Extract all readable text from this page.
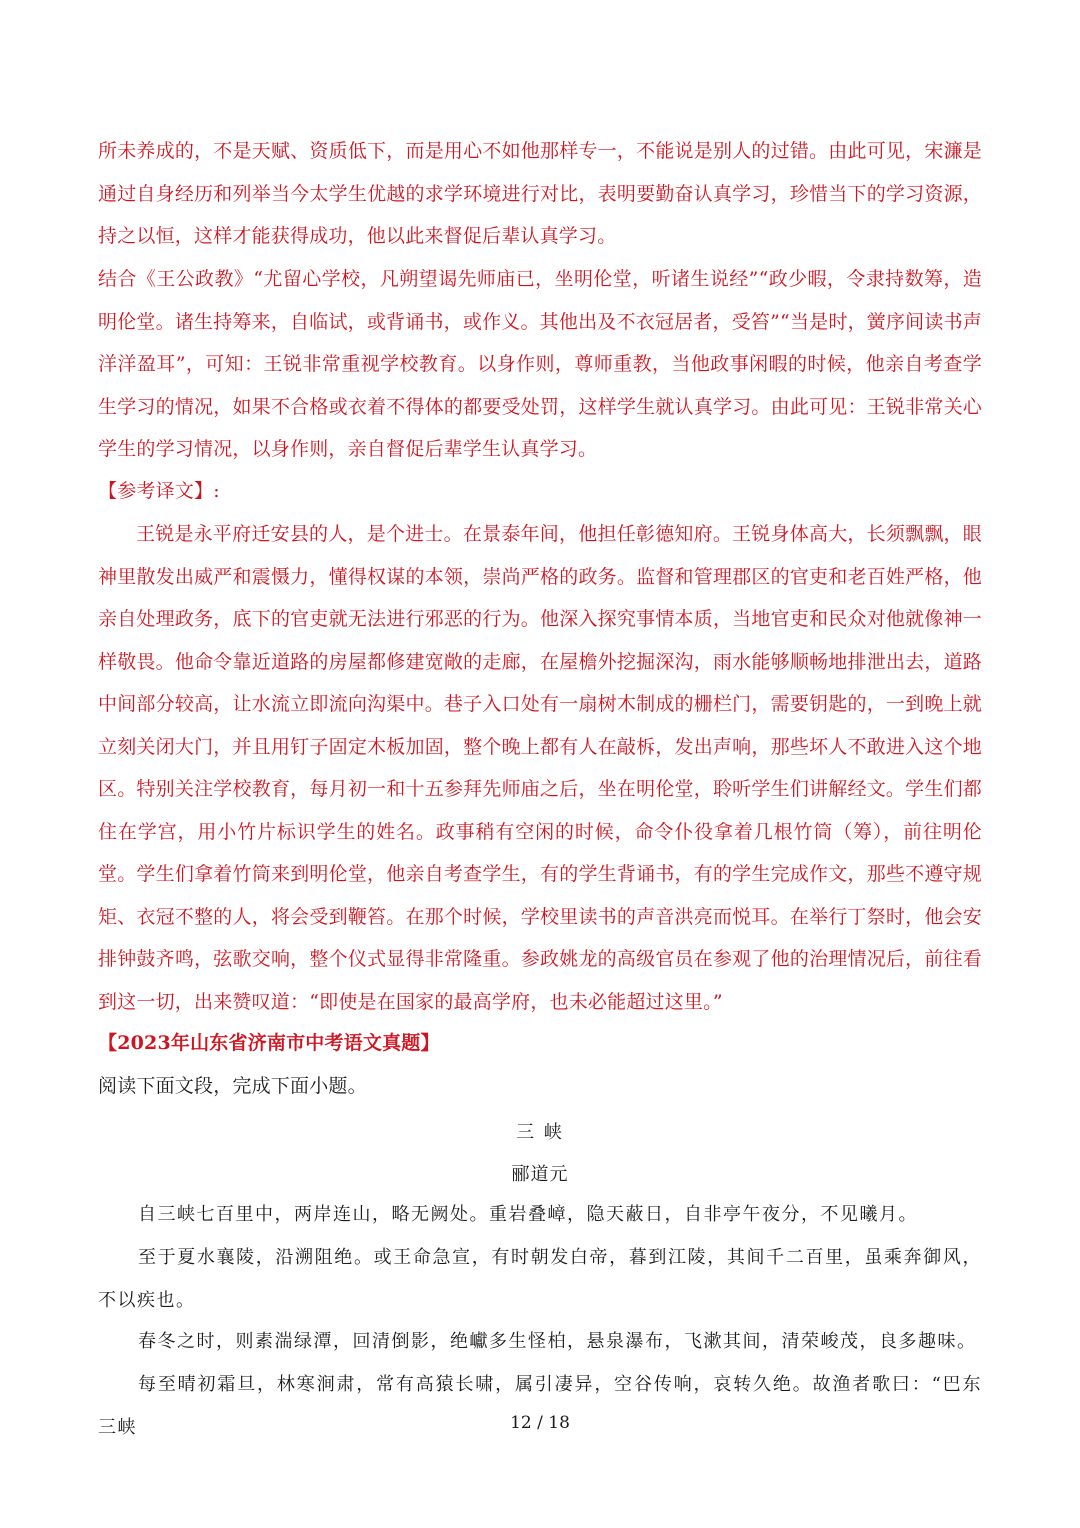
所未养成的，不是天赋、资质低下，而是用心不如他那样专一，不能说是别人的过错。由此可见，宋濂是通过自身经历和列举当今太学生优越的求学环境进行对比，表明要勤奋认真学习，珍惜当下的学习资源，持之以恒，这样才能获得成功，他以此来督促后辈认真学习。

结合《王公政教》“尤留心学校，凡朔望谒先师庙已，坐明伦堂，听诸生说经”“政少暇，令隶持数筹，造明伦堂。诸生持筹来，自临试，或背诵书，或作义。其他出及不衣冠居者，受笞”“当是时，黉序间读书声洋洋盈耳”，可知：王锐非常重视学校教育。以身作则，尊师重教，当他政事闲暇的时候，他亲自考查学生学习的情况，如果不合格或衣着不得体的都要受处罚，这样学生就认真学习。由此可见：王锐非常关心学生的学习情况，以身作则，亲自督促后辈学生认真学习。

【参考译文】:

王锐是永平府迁安县的人，是个进士。在景泰年间，他担任彰德知府。王锐身体高大，长须飘飘，眼神里散发出威严和震慑力，懂得权谋的本领，崇尚严格的政务。监督和管理郡区的官吏和老百姓严格，他亲自处理政务，底下的官吏就无法进行邪恶的行为。他深入探究事情本质，当地官吏和民众对他就像神一样敬畏。他命令靠近道路的房屋都修建宽敞的走廊，在屋檐外挖掘深沟，雨水能够顺畅地排泄出去，道路中间部分较高，让水流立即流向沟渠中。巷子入口处有一扇树木制成的栅栏门，需要钥匙的，一到晚上就立刻关闭大门，并且用钉子固定木板加固，整个晚上都有人在敲柝，发出声响，那些坏人不敢进入这个地区。特别关注学校教育，每月初一和十五参拜先师庙之后，坐在明伦堂，聆听学生们讲解经文。学生们都住在学宫，用小竹片标识学生的姓名。政事稍有空闲的时候，命令仆役拿着几根竹筒（筹），前往明伦堂。学生们拿着竹筒来到明伦堂，他亲自考查学生，有的学生背诵书，有的学生完成作文，那些不遵守规矩、衣冠不整的人，将会受到鞭笞。在那个时候，学校里读书的声音洪亮而悦耳。在举行丁祭时，他会安排钟鼓齐鸣，弦歌交响，整个仪式显得非常隆重。参政姚龙的高级官员在参观了他的治理情况后，前往看到这一切，出来赞叹道：“即使是在国家的最高学府，也未必能超过这里。”

【2023年山东省济南市中考语文真题】

阅读下面文段，完成下面小题。

三 峡

郦道元

自三峡七百里中，两岸连山，略无阙处。重岩叠嶂，隐天蔽日，自非亭午夜分，不见曦月。

至于夏水襄陵，沿溯阻绝。或王命急宣，有时朝发白帝，暮到江陵，其间千二百里，虽乘奔御风，不以疾也。

春冬之时，则素湍绿潭，回清倒影，绝巘多生怪柏，悬泉瀑布，飞漱其间，清荣峻茂，良多趣味。

每至晴初霜旦，林寒涧肃，常有高猿长啸，属引凄异，空谷传响，哀转久绝。故渔者歌曰：“巴东三峡	12 / 18
